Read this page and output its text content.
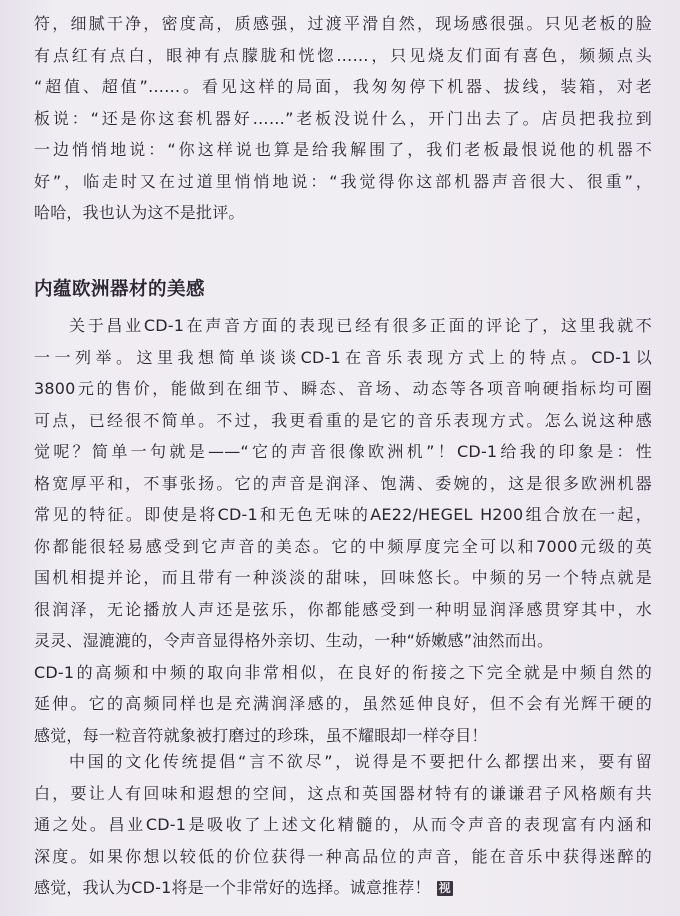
符，细腻干净，密度高，质感强，过渡平滑自然，现场感很强。只见老板的脸
有点红有点白，眼神有点朦胧和恍惚……，只见烧友们面有喜色，频频点头
“超值、超值”……。看见这样的局面，我匆匆停下机器、拔线，装箱，对老
板说：“还是你这套机器好……”老板没说什么，开门出去了。店员把我拉到
一边悄悄地说：“你这样说也算是给我解围了，我们老板最恨说他的机器不
好”，临走时又在过道里悄悄地说：“我觉得你这部机器声音很大、很重”，
哈哈，我也认为这不是批评。
内蕴欧洲器材的美感
关于昌业CD-1在声音方面的表现已经有很多正面的评论了，这里我就不
一一列举。这里我想简单谈谈CD-1在音乐表现方式上的特点。CD-1以
3800元的售价，能做到在细节、瞬态、音场、动态等各项音响硬指标均可圈
可点，已经很不简单。不过，我更看重的是它的音乐表现方式。怎么说这种感
觉呢？简单一句就是——“它的声音很像欧洲机”！CD-1给我的印象是：性
格宽厚平和，不事张扬。它的声音是润泽、饱满、委婉的，这是很多欧洲机器
常见的特征。即使是将CD-1和无色无味的AE22/HEGEL H200组合放在一起，
你都能很轻易感受到它声音的美态。它的中频厚度完全可以和7000元级的英
国机相提并论，而且带有一种淡淡的甜味，回味悠长。中频的另一个特点就是
很润泽，无论播放人声还是弦乐，你都能感受到一种明显润泽感贯穿其中，水
灵灵、湿漉漉的，令声音显得格外亲切、生动，一种“娇嫩感”油然而出。
CD-1的高频和中频的取向非常相似，在良好的衔接之下完全就是中频自然的
延伸。它的高频同样也是充满润泽感的，虽然延伸良好，但不会有光辉干硬的
感觉，每一粒音符就象被打磨过的珍珠，虽不耀眼却一样夺目！
中国的文化传统提倡“言不欲尽”，说得是不要把什么都摆出来，要有留
白，要让人有回味和遐想的空间，这点和英国器材特有的谦谦君子风格颇有共
通之处。昌业CD-1是吸收了上述文化精髓的，从而令声音的表现富有内涵和
深度。如果你想以较低的价位获得一种高品位的声音，能在音乐中获得迷醉的
感觉，我认为CD-1将是一个非常好的选择。诚意推荐！ 视
